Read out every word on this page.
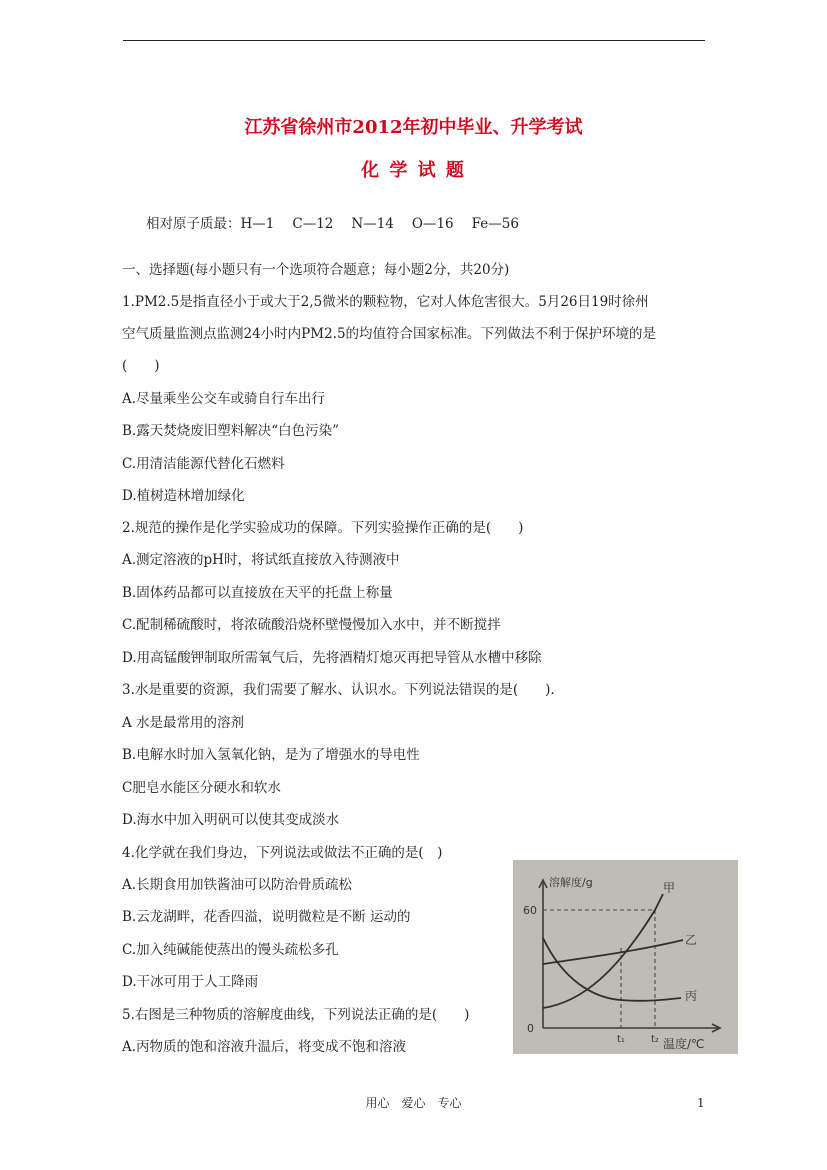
江苏省徐州市2012年初中毕业、升学考试
化 学 试 题
相对原子质最：H—1 C—12 N—14 O—16 Fe—56
一、选择题(每小题只有一个选项符合题意；每小题2分，共20分)
1.PM2.5是指直径小于或大于2,5微米的颗粒物，它对人体危害很大。5月26日19时徐州
空气质量监测点监测24小时内PM2.5的均值符合国家标准。下列做法不利于保护环境的是
(　　)
A.尽量乘坐公交车或骑自行车出行
B.露天焚烧废旧塑料解决“白色污染”
C.用清洁能源代替化石燃料
D.植树造林增加绿化
2.规范的操作是化学实验成功的保障。下列实验操作正确的是(　　)
A.测定溶液的pH时，将试纸直接放入待测液中
B.固体药品都可以直接放在天平的托盘上称量
C.配制稀硫酸时，将浓硫酸沿烧杯壁慢慢加入水中，并不断搅拌
D.用高锰酸钾制取所需氧气后，先将酒精灯熄灭再把导管从水槽中移除
3.水是重要的资源，我们需要了解水、认识水。下列说法错误的是(　　).
A 水是最常用的溶剂
B.电解水时加入氢氧化钠，是为了增强水的导电性
C肥皂水能区分硬水和软水
D.海水中加入明矾可以使其变成淡水
4.化学就在我们身边，下列说法或做法不正确的是(　)
A.长期食用加铁酱油可以防治骨质疏松
B.云龙湖畔，花香四溢，说明微粒是不断 运动的
C.加入纯碱能使蒸出的馒头疏松多孔
D.干冰可用于人工降雨
5.右图是三种物质的溶解度曲线，下列说法正确的是(　　)
A.丙物质的饱和溶液升温后，将变成不饱和溶液
溶解度/g
60
0
t₁	t₂ 温度/℃
甲
乙
丙
用心 爱心 专心	1
